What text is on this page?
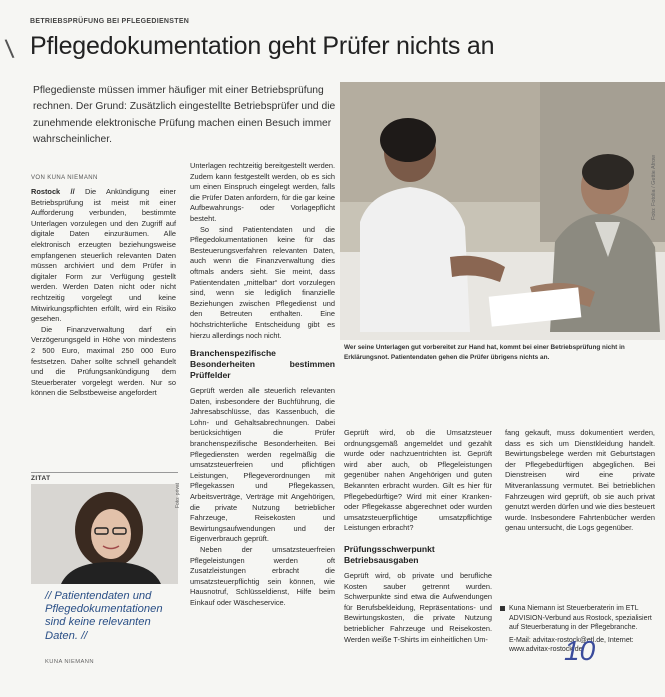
\
BETRIEBSPRÜFUNG BEI PFLEGEDIENSTEN
Pflegedokumentation geht Prüfer nichts an
Pflegedienste müssen immer häufiger mit einer Betriebsprüfung rechnen. Der Grund: Zusätzlich eingestellte Betriebsprüfer und die zunehmende elektronische Prüfung machen einen Besuch immer wahrscheinlicher.
VON KUNA NIEMANN

Rostock // Die Ankündigung einer Betriebsprüfung ist meist mit einer Aufforderung verbunden, bestimmte Unterlagen vorzulegen und den Zugriff auf digitale Daten einzuräumen. Alle elektronisch erzeugten beziehungsweise empfangenen steuerlich relevanten Daten müssen archiviert und dem Prüfer in digitaler Form zur Verfügung gestellt werden. Werden Daten nicht oder nicht rechtzeitig vorgelegt und keine Mitwirkungspflichten erfüllt, wird ein Risiko gesehen.

Die Finanzverwaltung darf ein Verzögerungsgeld in Höhe von mindestens 2 500 Euro, maximal 250 000 Euro festsetzen. Daher sollte schnell gehandelt und die Prüfungsankündigung dem Steuerberater vorgelegt werden. Nur so können die Selbstbeweise angefordert

Unterlagen rechtzeitig bereitgestellt werden. Zudem kann festgestellt werden, ob es sich um einen Einspruch eingelegt werden, falls die Prüfer Daten anfordern, für die gar keine Aufbewahrungs- oder Vorlagepflicht besteht.

So sind Patientendaten und die Pflegedokumentationen keine für das Besteuerungsverfahren relevanten Daten, auch wenn die Finanzverwaltung dies oftmals anders sieht. Sie meint, dass Patientendaten „mittelbar“ dort vorzulegen sind, wenn sie lediglich finanzielle Beziehungen zwischen Pflegedienst und den Betreuten enthalten. Eine höchstrichterliche Entscheidung gibt es hierzu allerdings noch nicht.

Branchenspezifische Besonderheiten bestimmen Prüffelder

Geprüft werden alle steuerlich relevanten Daten, insbesondere der Buchführung, die Jahresabschlüsse, das Kassenbuch, die Lohn- und Gehaltsabrechnungen. Dabei berücksichtigen die Prüfer branchenspezifische Besonderheiten. Bei Pflegediensten werden regelmäßig die umsatzsteuerfreien und pflichtigen Leistungen, Pflegeverordnungen mit Pflegekassen und Pflegekassen, Arbeitsverträge, Verträge mit Angehörigen, die private Nutzung betrieblicher Fahrzeuge, Reisekosten und Bewirtungsaufwendungen und der Eigenverbrauch geprüft.

Neben der umsatzsteuerfreien Pflegeleistungen werden oft Zusatzleistungen erbracht die umsatzsteuerpflichtig sein können, wie Hausnotruf, Schlüsseldienst, Hilfe beim Einkauf oder Wäscheservice.

Foto: Fotolia / Gettie Afrow
Wer seine Unterlagen gut vorbereitet zur Hand hat, kommt bei einer Betriebsprüfung nicht in Erklärungsnot. Patientendaten gehen die Prüfer übrigens nichts an.

Geprüft wird, ob die Umsatzsteuer ordnungsgemäß angemeldet und gezahlt wurde oder nachzuentrichten ist. Geprüft wird aber auch, ob Pflegeleistungen gegenüber nahen Angehörigen und guten Bekannten erbracht wurden. Gilt es hier für Pflegebedürftige? Wird mit einer Kranken- oder Pflegekasse abgerechnet oder wurden umsatzsteuerpflichtige umsatzpflichtige Leistungen erbracht?

Prüfungsschwerpunkt Betriebsausgaben

Geprüft wird, ob private und berufliche Kosten sauber getrennt wurden. Schwerpunkte sind etwa die Aufwendungen für Berufsbekleidung, Repräsentations- und Bewirtungskosten, die private Nutzung betrieblicher Fahrzeuge und Reisekosten. Werden weiße T-Shirts im einheitlichen Um-

fang gekauft, muss dokumentiert werden, dass es sich um Dienstkleidung handelt. Bewirtungsbelege werden mit Geburtstagen der Pflegebedürftigen abgeglichen. Bei Dienstreisen wird eine private Mitveranlassung vermutet. Bei betrieblichen Fahrzeugen wird geprüft, ob sie auch privat genutzt werden dürfen und wie dies besteuert wurde. Insbesondere Fahrtenbücher werden genau untersucht, die Logs gegenüber.

ZITAT
Foto: privat
// Patientendaten und Pflegedokumentationen sind keine relevanten Daten. //
KUNA NIEMANN
Kuna Niemann ist Steuerberaterin im ETL ADVISION-Verbund aus Rostock, spezialisiert auf Steuerberatung in der Pflegebranche.
E-Mail: advitax-rostock@etl.de, Internet: www.advitax-rostock.de
10
